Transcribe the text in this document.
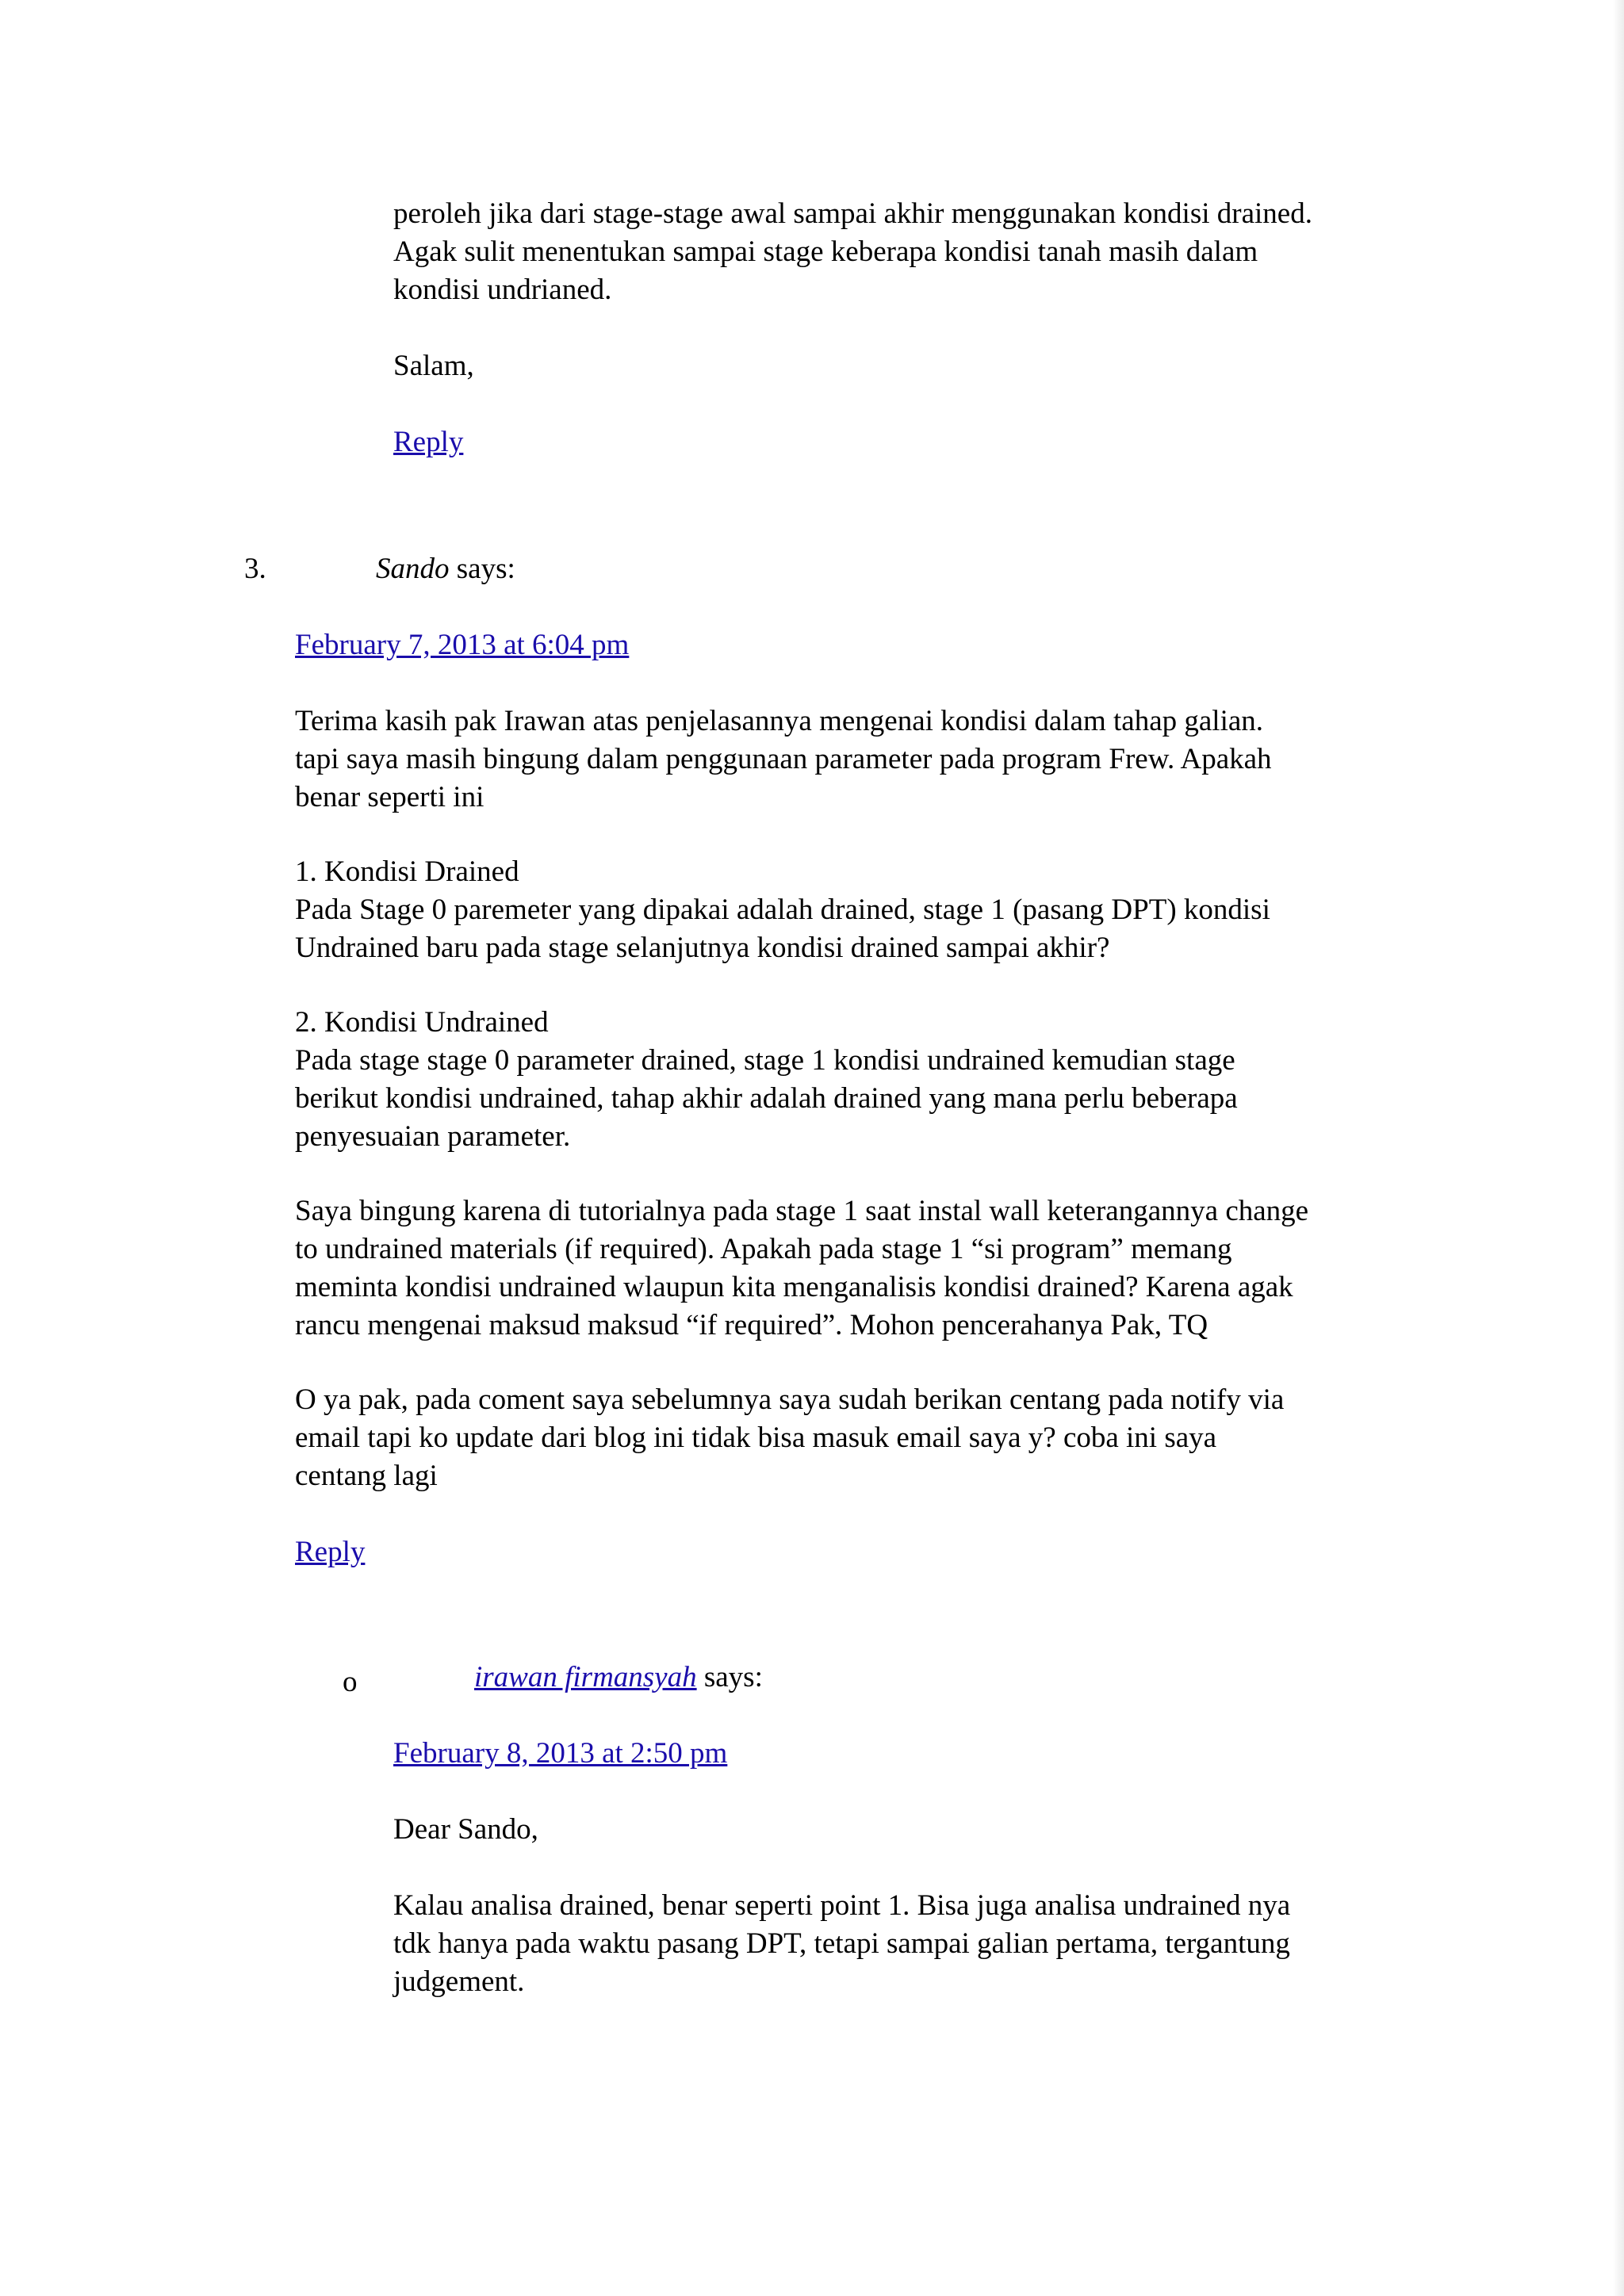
peroleh jika dari stage-stage awal sampai akhir menggunakan kondisi drained.

Agak sulit menentukan sampai stage keberapa kondisi tanah masih dalam

kondisi undrianed.

Salam,
Reply
3.	Sando says:
February 7, 2013 at 6:04 pm

Terima kasih pak Irawan atas penjelasannya mengenai kondisi dalam tahap galian.

tapi saya masih bingung dalam penggunaan parameter pada program Frew. Apakah

benar seperti ini

1. Kondisi Drained

Pada Stage 0 paremeter yang dipakai adalah drained, stage 1 (pasang DPT) kondisi

Undrained baru pada stage selanjutnya kondisi drained sampai akhir?

2. Kondisi Undrained

Pada stage stage 0 parameter drained, stage 1 kondisi undrained kemudian stage

berikut kondisi undrained, tahap akhir adalah drained yang mana perlu beberapa

penyesuaian parameter.

Saya bingung karena di tutorialnya pada stage 1 saat instal wall keterangannya change

to undrained materials (if required). Apakah pada stage 1 “si program” memang

meminta kondisi undrained wlaupun kita menganalisis kondisi drained? Karena agak

rancu mengenai maksud maksud “if required”. Mohon pencerahanya Pak, TQ

O ya pak, pada coment saya sebelumnya saya sudah berikan centang pada notify via

email tapi ko update dari blog ini tidak bisa masuk email saya y? coba ini saya

centang lagi

Reply
o	irawan firmansyah says:
February 8, 2013 at 2:50 pm
Dear Sando,

Kalau analisa drained, benar seperti point 1. Bisa juga analisa undrained nya

tdk hanya pada waktu pasang DPT, tetapi sampai galian pertama, tergantung

judgement.
